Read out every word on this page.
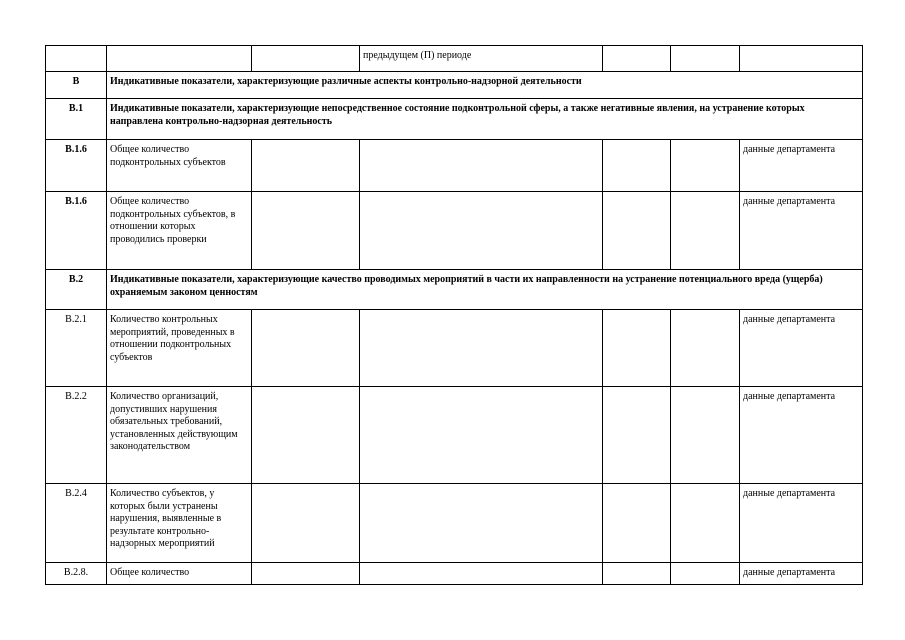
			предыдущем (П) периоде			
В	Индикативные показатели, характеризующие различные аспекты контрольно-надзорной деятельности					
В.1	Индикативные показатели, характеризующие непосредственное состояние подконтрольной сферы, а также негативные явления, на устранение которых направлена контрольно-надзорная деятельность					
В.1.6	Общее количество подконтрольных субъектов					данные департамента
В.1.6	Общее количество подконтрольных субъектов, в отношении которых проводились проверки					данные департамента
В.2	Индикативные показатели, характеризующие качество проводимых мероприятий в части их направленности на устранение потенциального вреда (ущерба) охраняемым законом ценностям					
В.2.1	Количество контрольных мероприятий, проведенных в отношении подконтрольных субъектов					данные департамента
В.2.2	Количество организаций, допустивших нарушения обязательных требований, установленных действующим законодательством					данные департамента
В.2.4	Количество субъектов, у которых были устранены нарушения, выявленные в результате контрольно-надзорных мероприятий					данные департамента
В.2.8.	Общее количество					данные департамента
